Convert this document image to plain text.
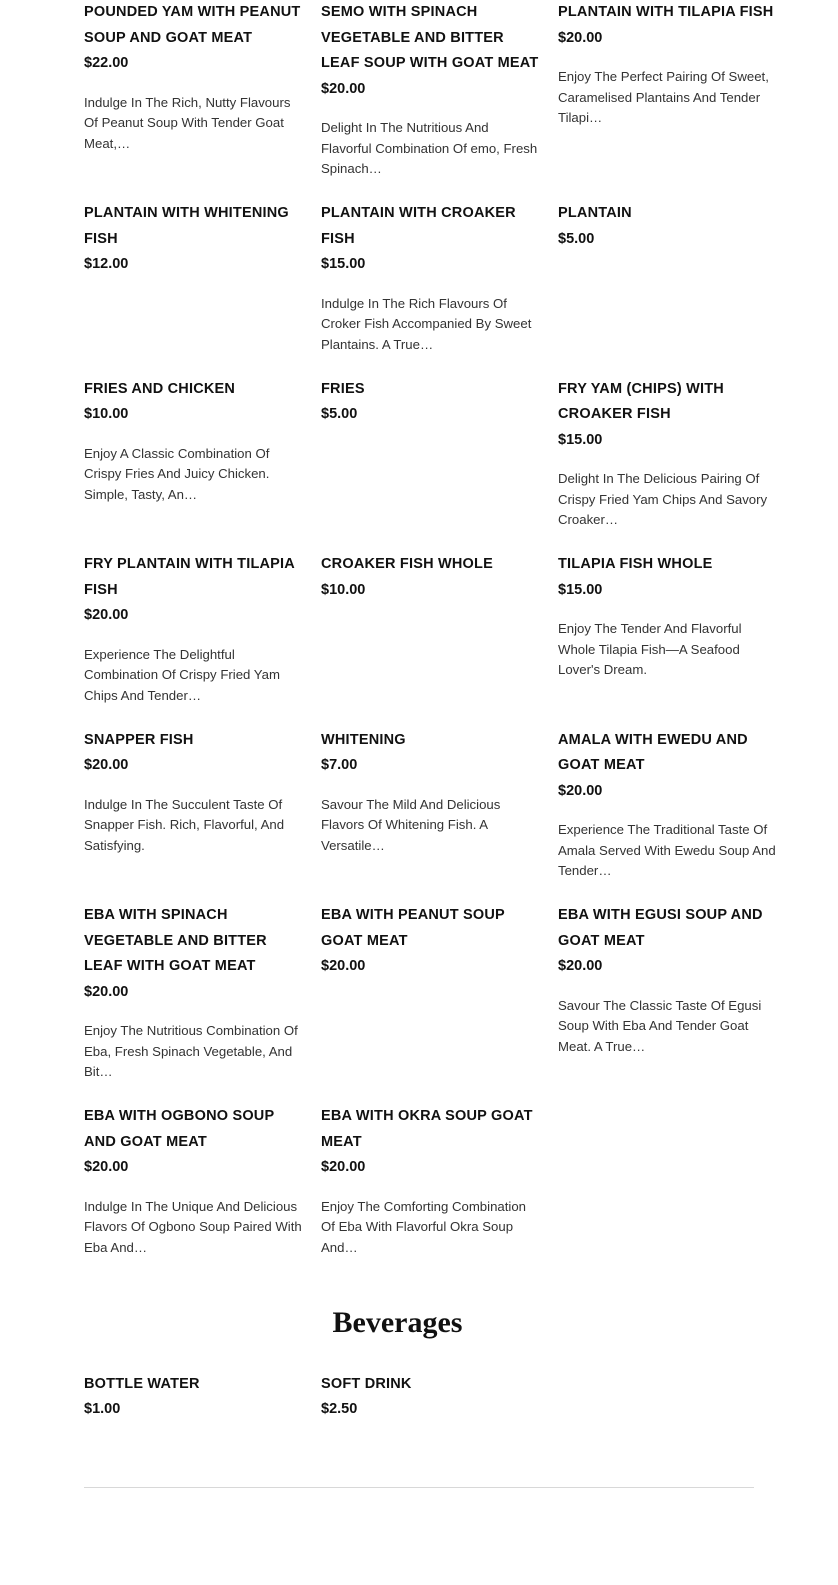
POUNDED YAM WITH PEANUT SOUP AND GOAT MEAT
$22.00
Indulge In The Rich, Nutty Flavours Of Peanut Soup With Tender Goat Meat,…
SEMO WITH SPINACH VEGETABLE AND BITTER LEAF SOUP WITH GOAT MEAT
$20.00
Delight In The Nutritious And Flavorful Combination Of emo, Fresh Spinach…
PLANTAIN WITH TILAPIA FISH
$20.00
Enjoy The Perfect Pairing Of Sweet, Caramelised Plantains And Tender Tilapi…
PLANTAIN WITH WHITENING FISH
$12.00
PLANTAIN WITH CROAKER FISH
$15.00
Indulge In The Rich Flavours Of Croker Fish Accompanied By Sweet Plantains. A True…
PLANTAIN
$5.00
FRIES AND CHICKEN
$10.00
Enjoy A Classic Combination Of Crispy Fries And Juicy Chicken. Simple, Tasty, An…
FRIES
$5.00
FRY YAM (CHIPS) WITH CROAKER FISH
$15.00
Delight In The Delicious Pairing Of Crispy Fried Yam Chips And Savory Croaker…
FRY PLANTAIN WITH TILAPIA FISH
$20.00
Experience The Delightful Combination Of Crispy Fried Yam Chips And Tender…
CROAKER FISH WHOLE
$10.00
TILAPIA FISH WHOLE
$15.00
Enjoy The Tender And Flavorful Whole Tilapia Fish—A Seafood Lover's Dream.
SNAPPER FISH
$20.00
Indulge In The Succulent Taste Of Snapper Fish. Rich, Flavorful, And Satisfying.
WHITENING
$7.00
Savour The Mild And Delicious Flavors Of Whitening Fish. A Versatile…
AMALA WITH EWEDU AND GOAT MEAT
$20.00
Experience The Traditional Taste Of Amala Served With Ewedu Soup And Tender…
EBA WITH SPINACH VEGETABLE AND BITTER LEAF WITH GOAT MEAT
$20.00
Enjoy The Nutritious Combination Of Eba, Fresh Spinach Vegetable, And Bit…
EBA WITH PEANUT SOUP GOAT MEAT
$20.00
EBA WITH EGUSI SOUP AND GOAT MEAT
$20.00
Savour The Classic Taste Of Egusi Soup With Eba And Tender Goat Meat. A True…
EBA WITH OGBONO SOUP AND GOAT MEAT
$20.00
Indulge In The Unique And Delicious Flavors Of Ogbono Soup Paired With Eba And…
EBA WITH OKRA SOUP GOAT MEAT
$20.00
Enjoy The Comforting Combination Of Eba With Flavorful Okra Soup And…
Beverages
BOTTLE WATER
$1.00
SOFT DRINK
$2.50
